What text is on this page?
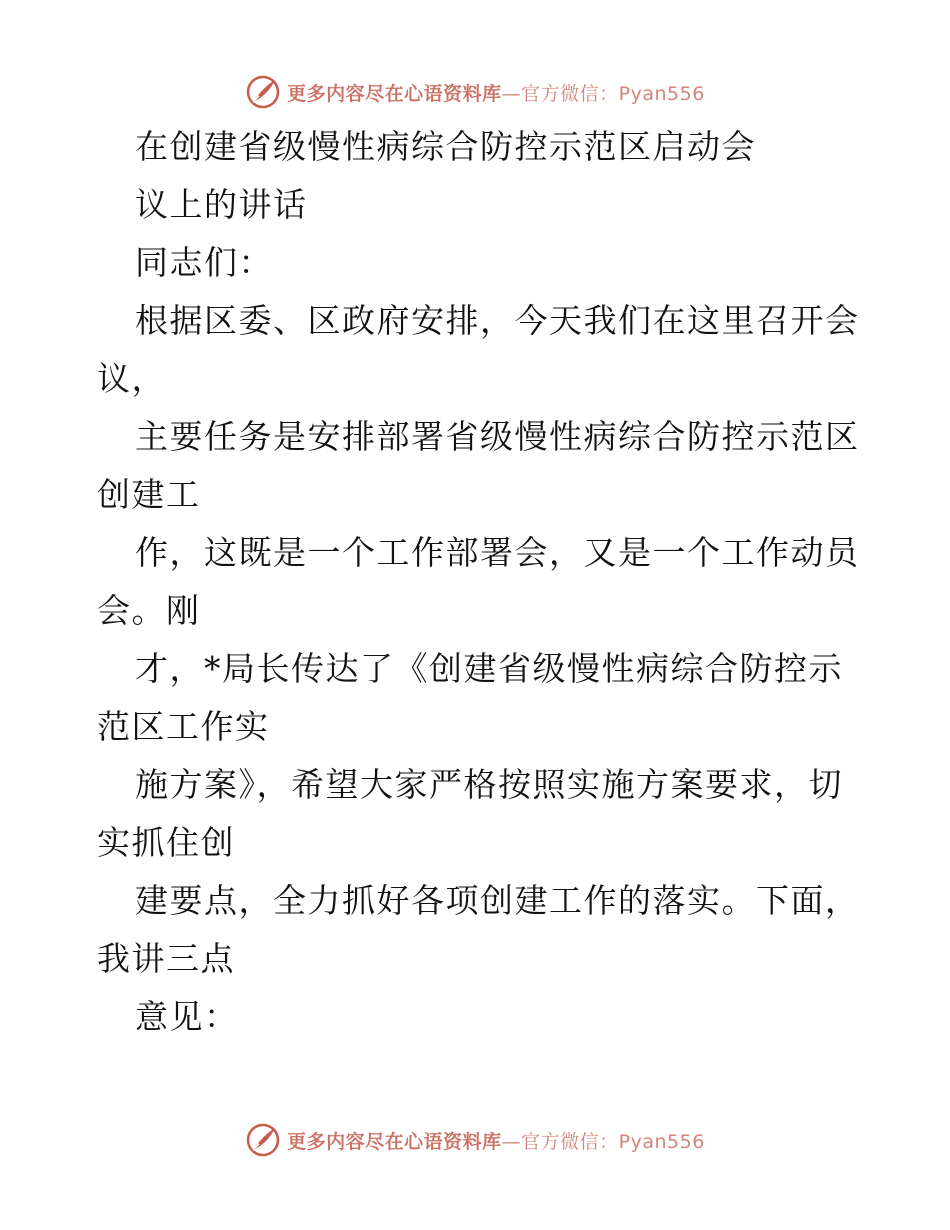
更多内容尽在心语资料库—官方微信：Pyan556
在创建省级慢性病综合防控示范区启动会
议上的讲话
同志们：
根据区委、区政府安排，今天我们在这里召开会
议，
主要任务是安排部署省级慢性病综合防控示范区
创建工
作，这既是一个工作部署会，又是一个工作动员
会。刚
才，*局长传达了《创建省级慢性病综合防控示
范区工作实
施方案》，希望大家严格按照实施方案要求，切
实抓住创
建要点，全力抓好各项创建工作的落实。下面，
我讲三点
意见：
更多内容尽在心语资料库—官方微信：Pyan556
